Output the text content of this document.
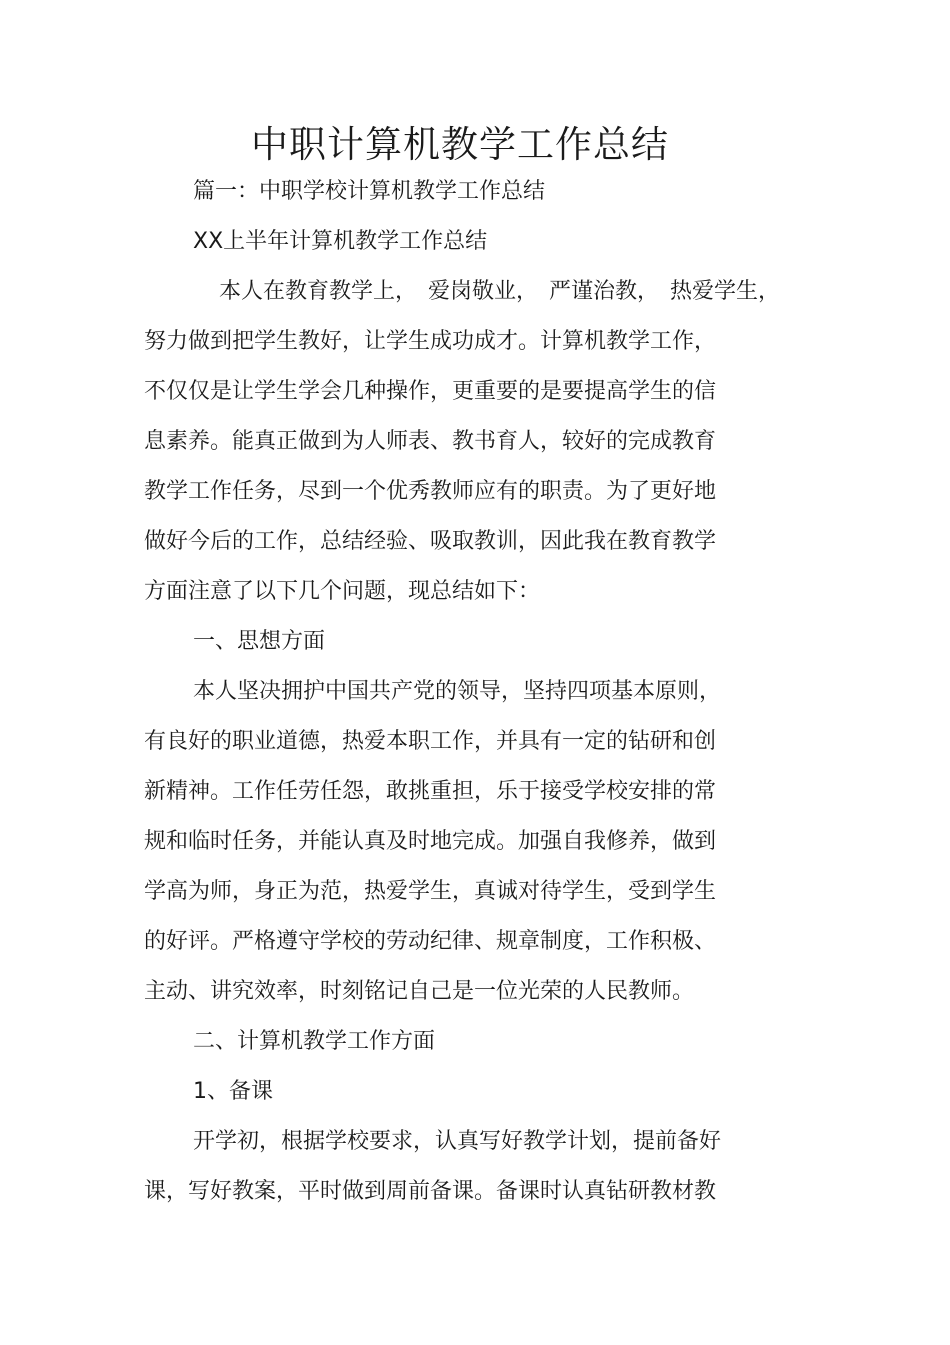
中职计算机教学工作总结
篇一：中职学校计算机教学工作总结
XX上半年计算机教学工作总结
本人在教育教学上，　爱岗敬业，　严谨治教，　热爱学生，
努力做到把学生教好，让学生成功成才。计算机教学工作，
不仅仅是让学生学会几种操作，更重要的是要提高学生的信
息素养。能真正做到为人师表、教书育人，较好的完成教育
教学工作任务，尽到一个优秀教师应有的职责。为了更好地
做好今后的工作，总结经验、吸取教训，因此我在教育教学
方面注意了以下几个问题，现总结如下：
一、思想方面
本人坚决拥护中国共产党的领导，坚持四项基本原则，
有良好的职业道德，热爱本职工作，并具有一定的钻研和创
新精神。工作任劳任怨，敢挑重担，乐于接受学校安排的常
规和临时任务，并能认真及时地完成。加强自我修养，做到
学高为师，身正为范，热爱学生，真诚对待学生，受到学生
的好评。严格遵守学校的劳动纪律、规章制度，工作积极、
主动、讲究效率，时刻铭记自己是一位光荣的人民教师。
二、计算机教学工作方面
1、备课
开学初，根据学校要求，认真写好教学计划，提前备好
课，写好教案，平时做到周前备课。备课时认真钻研教材教
